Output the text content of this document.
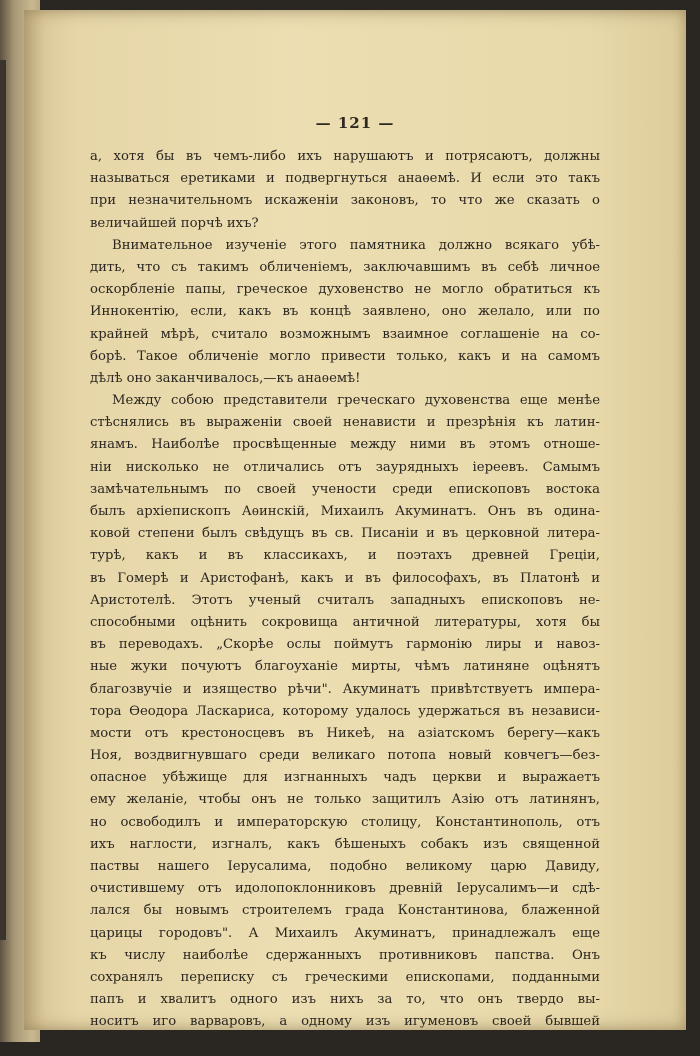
— 121 —
а, хотя бы въ чемъ-либо ихъ нарушаютъ и потрясаютъ, должны
называться еретиками и подвергнуться анаѳемѣ. И если это такъ
при незначительномъ искаженіи законовъ, то что же сказать о
величайшей порчѣ ихъ?
Внимательное изученіе этого памятника должно всякаго убѣ-
дить, что съ такимъ обличеніемъ, заключавшимъ въ себѣ личное
оскорбленіе папы, греческое духовенство не могло обратиться къ
Иннокентію, если, какъ въ концѣ заявлено, оно желало, или по
крайней мѣрѣ, считало возможнымъ взаимное соглашеніе на со-
борѣ. Такое обличеніе могло привести только, какъ и на самомъ
дѣлѣ оно заканчивалось,—къ анаѳемѣ!
Между собою представители греческаго духовенства еще менѣе
стѣснялись въ выраженіи своей ненависти и презрѣнія къ латин-
янамъ. Наиболѣе просвѣщенные между ними въ этомъ отноше-
ніи нисколько не отличались отъ заурядныхъ іереевъ. Самымъ
замѣчательнымъ по своей учености среди епископовъ востока
былъ архіепископъ Аѳинскій, Михаилъ Акуминатъ. Онъ въ одина-
ковой степени былъ свѣдущъ въ св. Писаніи и въ церковной литера-
турѣ, какъ и въ классикахъ, и поэтахъ древней Греціи,
въ Гомерѣ и Аристофанѣ, какъ и въ философахъ, въ Платонѣ и
Аристотелѣ. Этотъ ученый считалъ западныхъ епископовъ не-
способными оцѣнить сокровища античной литературы, хотя бы
въ переводахъ. „Скорѣе ослы поймутъ гармонію лиры и навоз-
ные жуки почуютъ благоуханіе мирты, чѣмъ латиняне оцѣнятъ
благозвучіе и изящество рѣчи". Акуминатъ привѣтствуетъ импера-
тора Ѳеодора Ласкариса, которому удалось удержаться въ независи-
мости отъ крестоносцевъ въ Никеѣ, на азіатскомъ берегу—какъ
Ноя, воздвигнувшаго среди великаго потопа новый ковчегъ—без-
опасное убѣжище для изгнанныхъ чадъ церкви и выражаетъ
ему желаніе, чтобы онъ не только защитилъ Азію отъ латинянъ,
но освободилъ и императорскую столицу, Константинополь, отъ
ихъ наглости, изгналъ, какъ бѣшеныхъ собакъ изъ священной
паствы нашего Іерусалима, подобно великому царю Давиду,
очистившему отъ идолопоклонниковъ древній Іерусалимъ—и сдѣ-
лался бы новымъ строителемъ града Константинова, блаженной
царицы городовъ". А Михаилъ Акуминатъ, принадлежалъ еще
къ числу наиболѣе сдержанныхъ противниковъ папства. Онъ
сохранялъ переписку съ греческими епископами, подданными
папъ и хвалитъ одного изъ нихъ за то, что онъ твердо вы-
носитъ иго варваровъ, а одному изъ игуменовъ своей бывшей
епархіи совѣтовалъ по возможности исполнять требованія зам-
